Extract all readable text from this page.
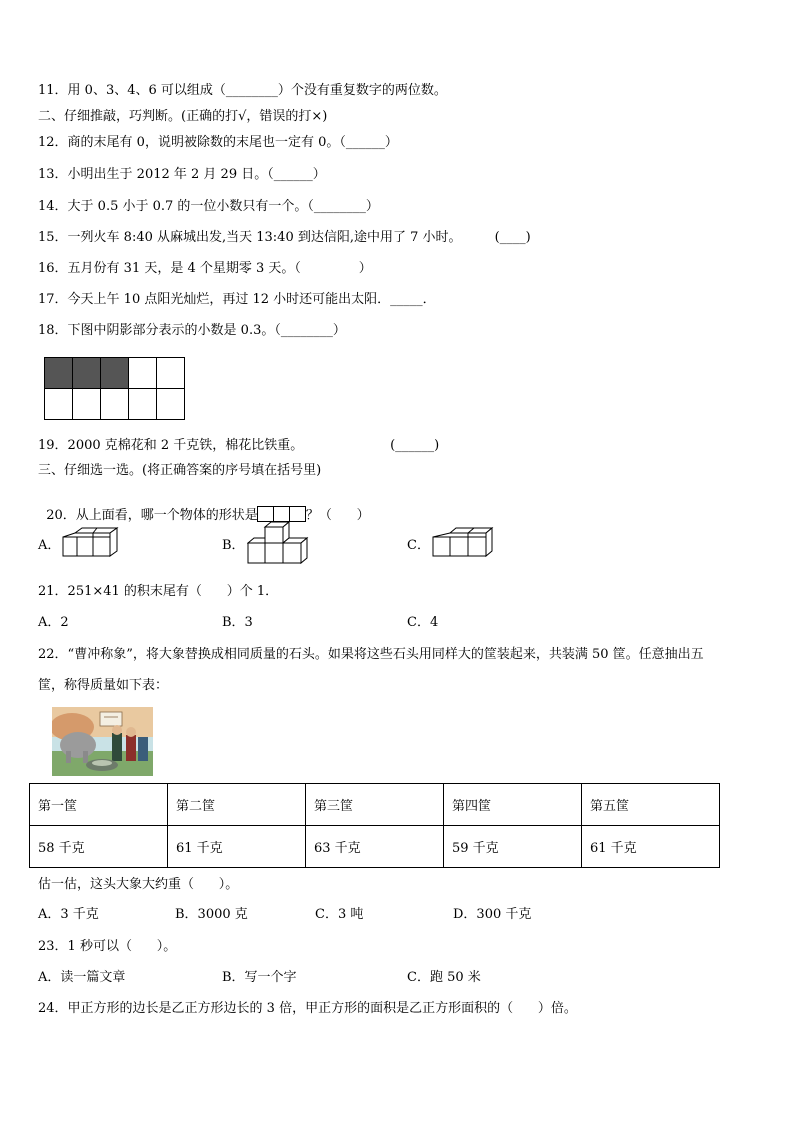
11．用 0、3、4、6 可以组成（________）个没有重复数字的两位数。
二、仔细推敲，巧判断。(正确的打√，错误的打×)
12．商的末尾有 0，说明被除数的末尾也一定有 0。（______）
13．小明出生于 2012 年 2 月 29 日。（______）
14．大于 0.5 小于 0.7 的一位小数只有一个。（________）
15．一列火车 8:40 从麻城出发,当天 13:40 到达信阳,途中用了 7 小时。        (____)
16．五月份有 31 天，是 4 个星期零 3 天。（              ）
17．今天上午 10 点阳光灿烂，再过 12 小时还可能出太阳．_____．
18．下图中阴影部分表示的小数是 0.3。（________）

19．2000 克棉花和 2 千克铁，棉花比铁重。                     (______)
三、仔细选一选。(将正确答案的序号填在括号里)

20．从上面看，哪一个物体的形状是	？（      ）

A．	B．	C．
21．251×41 的积末尾有（      ）个 1．
A．2	B．3	C．4
22．“曹冲称象”，将大象替换成相同质量的石头。如果将这些石头用同样大的筐装起来，共装满 50 筐。任意抽出五
筐，称得质量如下表：
第一筐	第二筐	第三筐	第四筐	第五筐
58 千克	61 千克	63 千克	59 千克	61 千克
估一估，这头大象大约重（      ）。
A．3 千克	B．3000 克	C．3 吨	D．300 千克
23．1 秒可以（      ）。
A．读一篇文章	B．写一个字	C．跑 50 米
24．甲正方形的边长是乙正方形边长的 3 倍，甲正方形的面积是乙正方形面积的（      ）倍。
